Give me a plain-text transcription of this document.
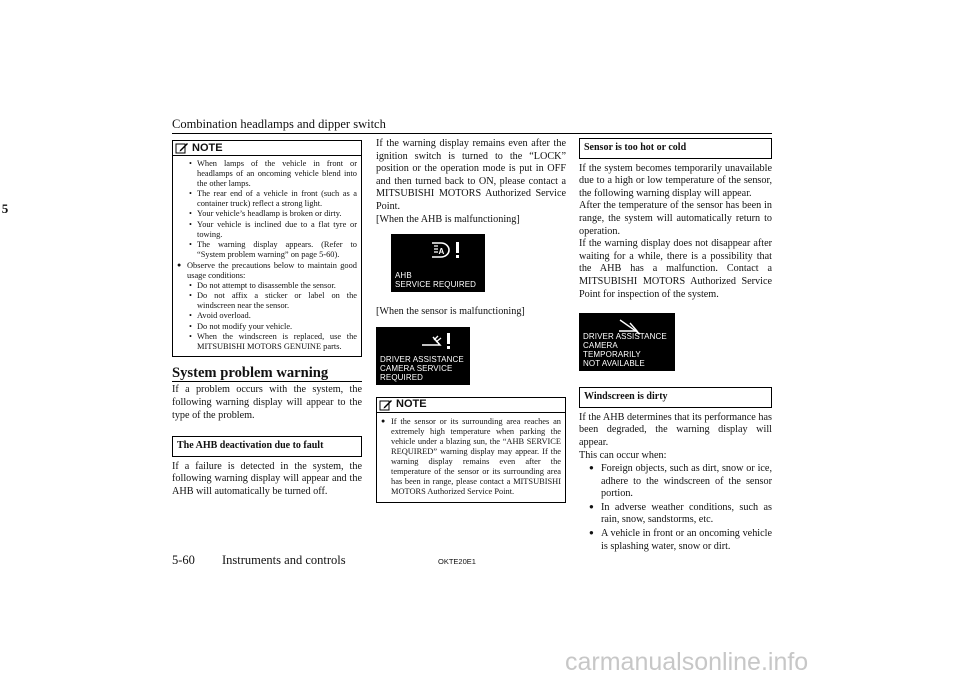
Combination headlamps and dipper switch
5
NOTE

• When lamps of the vehicle in front or headlamps of an oncoming vehicle blend into the other lamps.

• The rear end of a vehicle in front (such as a container truck) reflect a strong light.

• Your vehicle’s headlamp is broken or dirty.

• Your vehicle is inclined due to a flat tyre or towing.

• The warning display appears. (Refer to “System problem warning” on page 5-60).

● Observe the precautions below to maintain good usage conditions:

• Do not attempt to disassemble the sensor.

• Do not affix a sticker or label on the windscreen near the sensor.

• Avoid overload.

• Do not modify your vehicle.

• When the windscreen is replaced, use the MITSUBISHI MOTORS GENUINE parts.

System problem warning

If a problem occurs with the system, the following warning display will appear to the type of the problem.

The AHB deactivation due to fault

If a failure is detected in the system, the following warning display will appear and the AHB will automatically be turned off.

If the warning display remains even after the ignition switch is turned to the “LOCK” position or the operation mode is put in OFF and then turned back to ON, please contact a MITSUBISHI MOTORS Authorized Service Point.

[When the AHB is malfunctioning]

A
AHB
SERVICE REQUIRED

[When the sensor is malfunctioning]

DRIVER ASSISTANCE
CAMERA SERVICE
REQUIRED
NOTE

● If the sensor or its surrounding area reaches an extremely high temperature when parking the vehicle under a blazing sun, the “AHB SERVICE REQUIRED” warning display may appear. If the warning display remains even after the temperature of the sensor or its surrounding area has been in range, please contact a MITSUBISHI MOTORS Authorized Service Point.

Sensor is too hot or cold

If the system becomes temporarily unavailable due to a high or low temperature of the sensor, the following warning display will appear.

After the temperature of the sensor has been in range, the system will automatically return to operation.

If the warning display does not disappear after waiting for a while, there is a possibility that the AHB has a malfunction. Contact a MITSUBISHI MOTORS Authorized Service Point for inspection of the system.

DRIVER ASSISTANCE
CAMERA TEMPORARILY
NOT AVAILABLE
Windscreen is dirty

If the AHB determines that its performance has been degraded, the warning display will appear.

This can occur when:

● Foreign objects, such as dirt, snow or ice, adhere to the windscreen of the sensor portion.

● In adverse weather conditions, such as rain, snow, sandstorms, etc.

● A vehicle in front or an oncoming vehicle is splashing water, snow or dirt.

5-60 Instruments and controls	OKTE20E1
carmanualsonline.info
